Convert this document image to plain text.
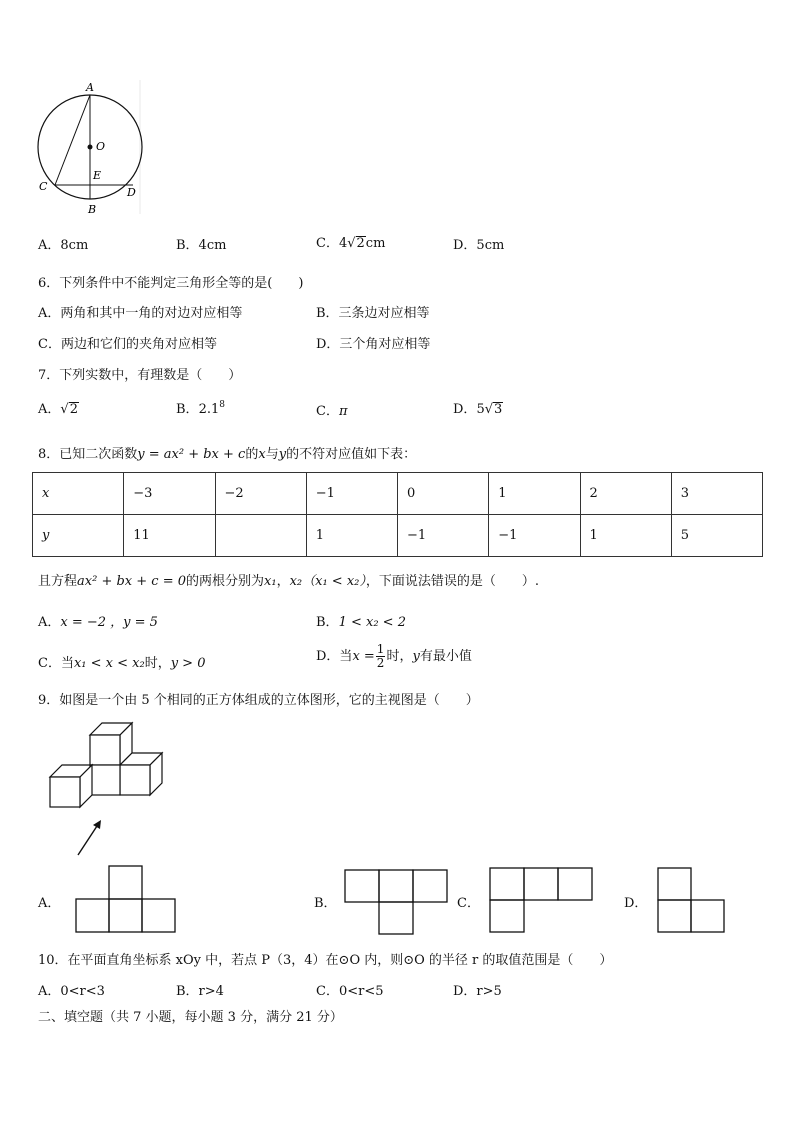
A
O
E
C	D
B
A．8cm	B．4cm	C．4√2cm	D．5cm
6．下列条件中不能判定三角形全等的是(　　)
A．两角和其中一角的对边对应相等	B．三条边对应相等
C．两边和它们的夹角对应相等	D．三个角对应相等
7．下列实数中，有理数是（　　）
A．√2	B．$2.1^8$	C．π	D．5√3
8．已知二次函数y = ax² + bx + c的x与y的不符对应值如下表：
x	−3	−2	−1	0	1	2	3
y	11		1	−1	−1	1	5
且方程ax² + bx + c = 0的两根分别为x₁，x₂（x₁ < x₂），下面说法错误的是（　　）.
A．x = −2 ，y = 5	B．1 < x₂ < 2
C．当x₁ < x < x₂时，y > 0	D．当$x = \frac{1}{2}$ 时，y有最小值
9．如图是一个由 5 个相同的正方体组成的立体图形，它的主视图是（　　）
A．	B．	C．	D．
10．在平面直角坐标系 xOy 中，若点 P（3，4）在⊙O 内，则⊙O 的半径 r 的取值范围是（　　）
A．0<r<3	B．r>4	C．0<r<5	D．r>5
二、填空题（共 7 小题，每小题 3 分，满分 21 分）
